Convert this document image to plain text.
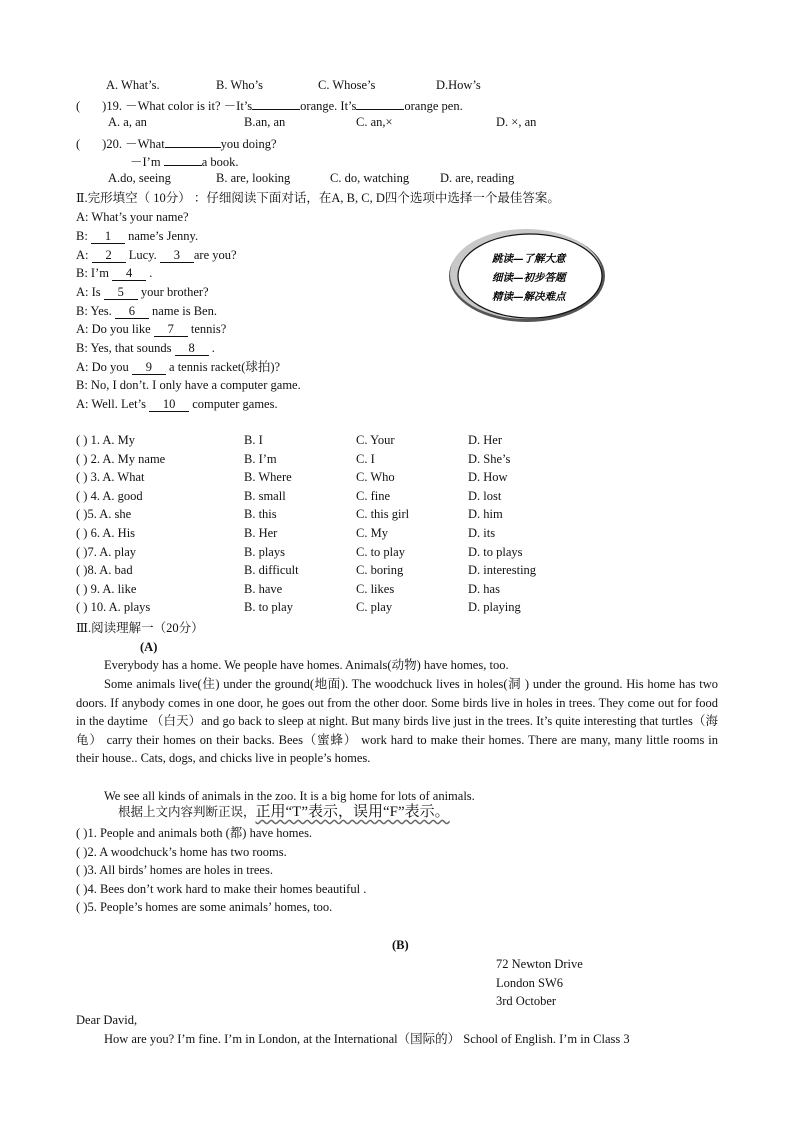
A. What’s.	B. Who’s	C. Whose’s	D.How’s
( )19. －What color is it? －It’s	orange. It’s	orange pen.
A. a, an	B.an, an	C. an,×	D. ×, an
( )20. －What	you doing?
－I’m	a book.
A.do, seeing	B. are, looking	C. do, watching D. are, reading
Ⅱ.完形填空（ 10分） ：仔细阅读下面对话，在A, B, C, D四个选项中选择一个最佳答案。
A: What’s your name?
B: 1 name’s Jenny.
A: 2 Lucy. 3 are you?
B: I’m 4 .
A: Is 5 your brother?
B: Yes. 6 name is Ben.
A: Do you like 7 tennis?
B: Yes, that sounds 8 .
A: Do you 9 a tennis racket(球拍)?
B: No, I don’t. I only have a computer game.
A: Well. Let’s 10 computer games.
跳读—了解大意
细读—初步答题
精读—解决难点
( ) 1. A. My	B. I	C. Your	D. Her
( ) 2. A. My name	B. I’m	C. I	D. She’s
( ) 3. A. What	B. Where	C. Who	D. How
( ) 4. A. good	B. small	C. fine	D. lost
( )5. A. she	B. this	C. this girl	D. him
( ) 6. A. His	B. Her	C. My	D. its
( )7. A. play	B. plays	C. to play	D. to plays
( )8. A. bad	B. difficult	C. boring	D. interesting
( ) 9. A. like	B. have	C. likes	D. has
( ) 10. A. plays	B. to play	C. play	D. playing
Ⅲ.阅读理解一（20分）
(A)
Everybody has a home. We people have homes. Animals(动物) have homes, too.
Some animals live(住) under the ground(地面). The woodchuck lives in holes(洞 ) under the ground. His home has two doors. If anybody comes in one door, he goes out from the other door. Some birds live in holes in trees. They come out for food in the daytime （白天）and go back to sleep at night. But many birds live just in the trees. It’s quite interesting that turtles（海龟） carry their homes on their backs. Bees（蜜蜂） work hard to make their homes. There are many, many little rooms in their house.. Cats, dogs, and chicks live in people’s homes.
We see all kinds of animals in the zoo. It is a big home for lots of animals.
根据上文内容判断正误，正用“T”表示，误用“F”表示。
( )1. People and animals both (都) have homes.
( )2. A woodchuck’s home has two rooms.
( )3. All birds’ homes are holes in trees.
( )4. Bees don’t work hard to make their homes beautiful .
( )5. People’s homes are some animals’ homes, too.
(B)
72 Newton Drive
London SW6
3rd October
Dear David,
How are you? I’m fine. I’m in London, at the International（国际的） School of English. I’m in Class 3
